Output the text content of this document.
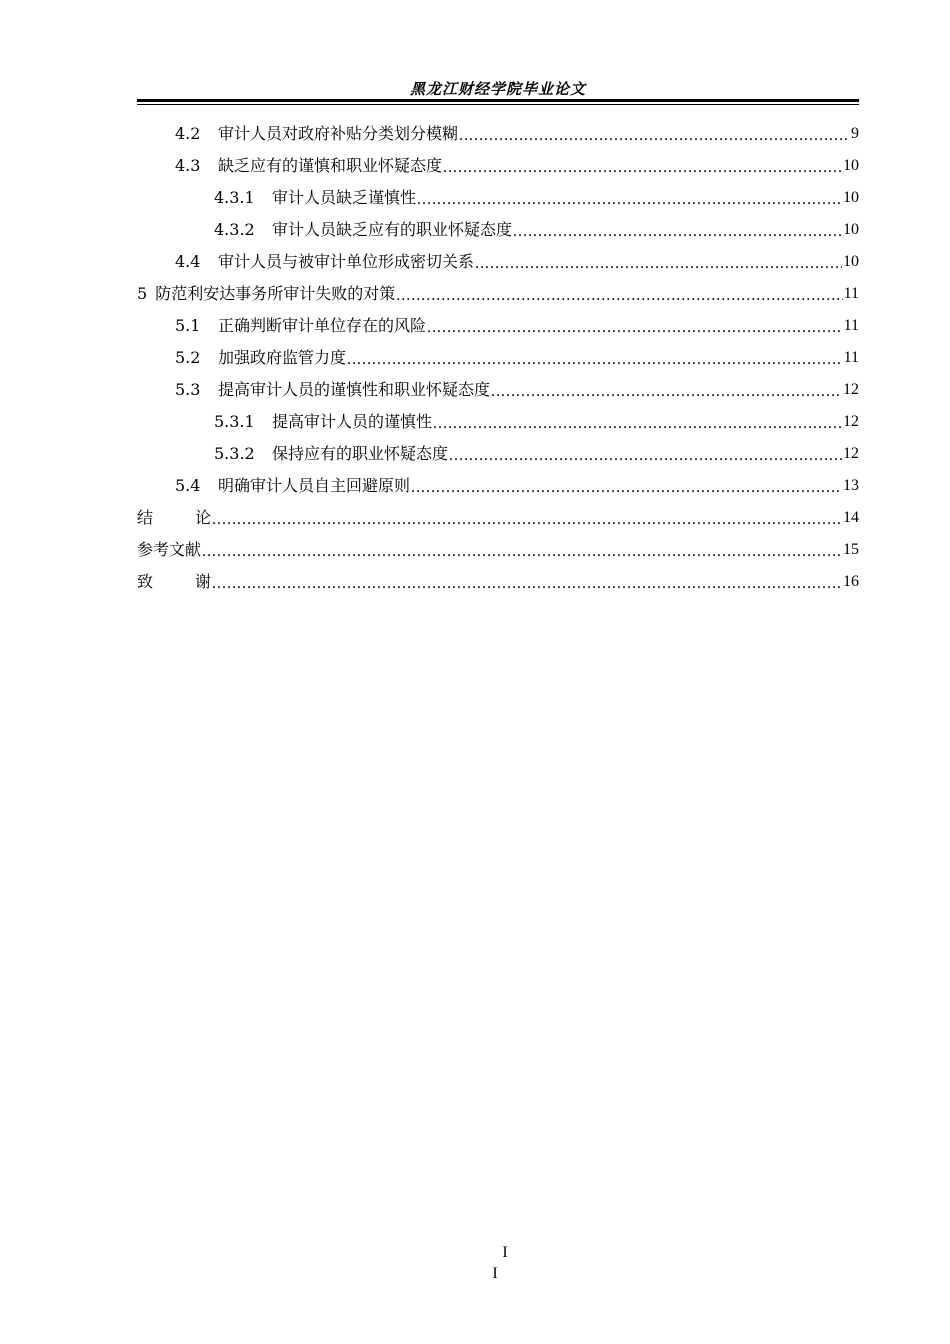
黑龙江财经学院毕业论文
4.2	审计人员对政府补贴分类划分模糊 .....	9
4.3	缺乏应有的谨慎和职业怀疑态度 .....	10
4.3.1	审计人员缺乏谨慎性 .....	10
4.3.2	审计人员缺乏应有的职业怀疑态度 .....	10
4.4	审计人员与被审计单位形成密切关系 .....	10
5 防范利安达事务所审计失败的对策 .....	11
5.1	正确判断审计单位存在的风险 .....	11
5.2	加强政府监管力度 .....	11
5.3	提高审计人员的谨慎性和职业怀疑态度 .....	12
5.3.1	提高审计人员的谨慎性 .....	12
5.3.2	保持应有的职业怀疑态度 .....	12
5.4	明确审计人员自主回避原则 .....	13
结	论 .....	14
参考文献 .....	15
致	谢 .....	16
I
I
